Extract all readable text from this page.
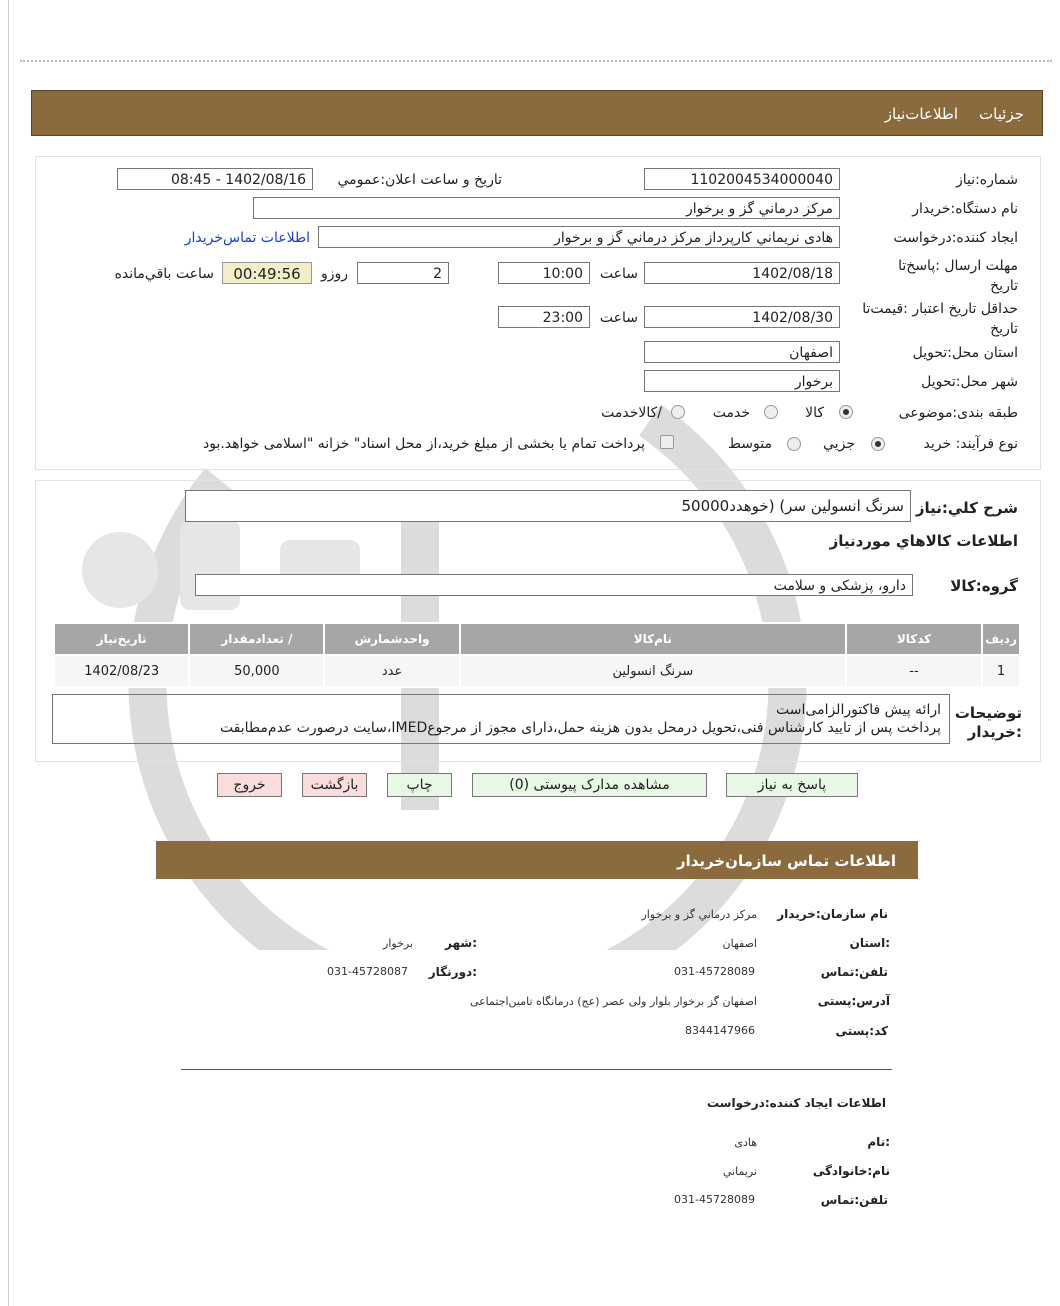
جزئیات
اطلاعات‌نیاز
شماره:نیاز
1102004534000040
تاریخ و ساعت اعلان:عمومي
1402/08/16 - 08:45
نام دستگاه:خریدار
مرکز درماني گز و برخوار
ایجاد کننده:درخواست
هادی نریماني کارپرداز مرکز درماني گز و برخوار
اطلاعات تماس‌خریدار
مهلت ارسال :پاسخ‌تا تاریخ
1402/08/18
ساعت
10:00
2
روزو
00:49:56
ساعت باقي‌مانده
حداقل تاریخ اعتبار :قیمت‌تا تاریخ
1402/08/30
ساعت
23:00
استان محل:تحویل
اصفهان
شهر محل:تحویل
برخوار
طبقه بندی:موضوعی
کالا
خدمت
/کالاخدمت
نوع فرآیند: خرید
جزیي
متوسط
پرداخت تمام یا بخشی از مبلغ خرید،از محل اسناد" خزانه "اسلامی خواهد.بود
شرح کلي:نیاز
سرنگ انسولین سر) (خوهدد50000
اطلاعات کالاهاي موردنیاز
گروه:کالا
دارو، پزشکی و سلامت
ردیف	کدکالا	نام‌کالا	واحدشمارش	/ تعدادمقدار	تاریخ‌نیاز
1	--	سرنگ انسولین	عدد	50,000	1402/08/23
توضیحات :خریدار
ارائه پیش فاکتورالزامی‌است
پرداخت پس از تایید کارشناس فنی،تحویل درمحل بدون هزینه حمل،دارای مجوز از مرجوعIMED،سایت درصورت عدم‌مطابقت
پاسخ به نیاز
مشاهده مدارک پیوستی (0)
چاپ
بازگشت
خروج
اطلاعات تماس سازمان‌خریدار
نام سازمان:خریدار
مرکز درماني گز و برخوار
:استان
اصفهان
:شهر
برخوار
تلفن:تماس
031-45728089
:دورنگار
031-45728087
آدرس:پستی
اصفهان گز برخوار بلوار ولی عصر (عج) درمانگاه تامین‌اجتماعی
کد:پستی
8344147966
اطلاعات ایجاد کننده:درخواست
:نام
هادی
نام:خانوادگی
نریماني
تلفن:تماس
031-45728089
